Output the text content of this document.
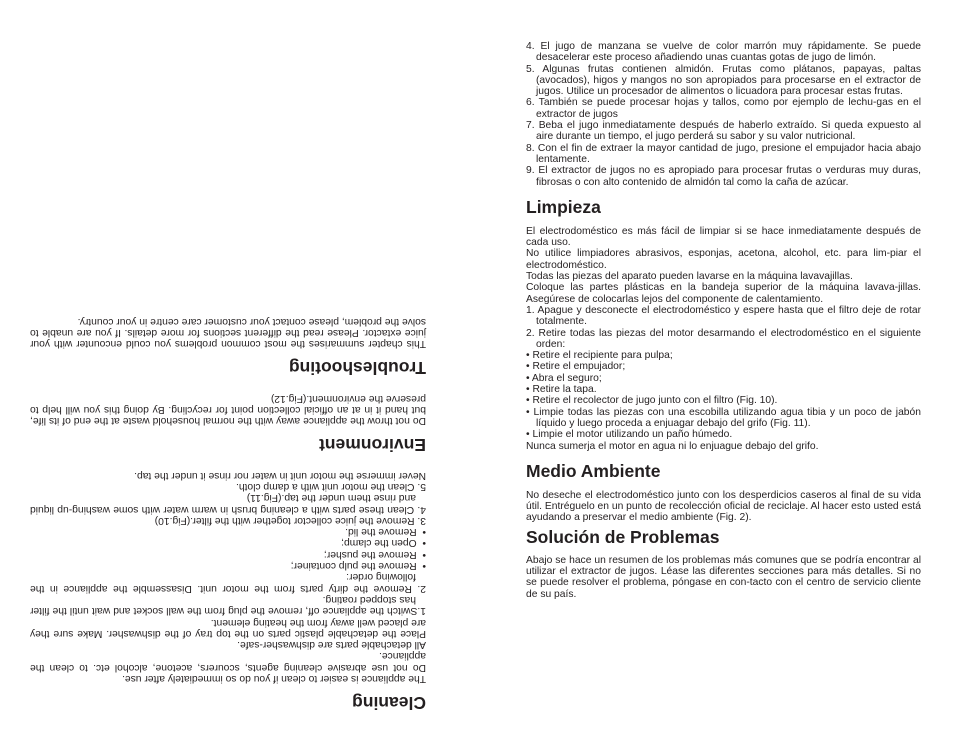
Cleaning

The appliance is easier to clean if you do so immediately after use.

Do not use abrasive cleaning agents, scourers, acetone, alcohol etc. to clean the appliance.

All detachable parts are dishwasher-safe.

Place the detachable plastic parts on the top tray of the dishwasher. Make sure they are placed well away from the heating element.

1.Switch the appliance off, remove the plug from the wall socket and wait until the filter has stopped roating.

2. Remove the dirty parts from the motor unit. Disassemble the appliance in the following order:

•  Remove the pulp container;

•  Remove the pusher;

•  Open the clamp;

•  Remove the lid.

3. Remove the juice collector together with the filter.(Fig.10)

4. Clean these parts with a cleaning brush in warm water with some washing-up liquid and rinse them under the tap.(Fig.11)

5. Clean the motor unit with a damp cloth.

Never immerse the motor unit in water nor rinse it under the tap.

Environment

Do not throw the appliance away with the normal household waste at the end of its life, but hand it in at an official collection point for recycling. By doing this you will help to preserve the environment.(Fig.12)

Troubleshooting

This chapter summarises the most common problems you could encounter with your juice extactor. Please read the different sections for more details. If you are unable to solve the problem, please contact your customer care centre in your country.

4. El jugo de manzana se vuelve de color marrón muy rápidamente. Se puede desacelerar este proceso añadiendo unas cuantas gotas de jugo de limón.

5. Algunas frutas contienen almidón. Frutas como plátanos, papayas, paltas (avocados), higos y mangos no son apropiados para procesarse en el extractor de jugos. Utilice un procesador de alimentos o licuadora para procesar estas frutas.

6. También se puede procesar hojas y tallos, como por ejemplo de lechu-gas en el extractor de jugos

7. Beba el jugo inmediatamente después de haberlo extraído. Si queda expuesto al aire durante un tiempo, el jugo perderá su sabor y su valor nutricional.

8. Con el fin de extraer la mayor cantidad de jugo, presione el empujador hacia abajo lentamente.

9. El extractor de jugos no es apropiado para procesar frutas o verduras muy duras, fibrosas o con alto contenido de almidón tal como la caña de azúcar.

Limpieza

El electrodoméstico es más fácil de limpiar si se hace inmediatamente después de cada uso.

No utilice limpiadores abrasivos, esponjas, acetona, alcohol, etc. para lim-piar el electrodoméstico.

Todas las piezas del aparato pueden lavarse en la máquina lavavajillas.

Coloque las partes plásticas en la bandeja superior de la máquina lavava-jillas. Asegúrese de colocarlas lejos del componente de calentamiento.

1. Apague y desconecte el electrodoméstico y espere hasta que el filtro deje de rotar totalmente.

2. Retire todas las piezas del motor desarmando el electrodoméstico en el siguiente orden:

• Retire el recipiente para pulpa;

• Retire el empujador;

• Abra el seguro;

• Retire la tapa.

• Retire el recolector de jugo junto con el filtro (Fig. 10).

• Limpie todas las piezas con una escobilla utilizando agua tibia y un poco de jabón líquido y luego proceda a enjuagar debajo del grifo (Fig. 11).

• Limpie el motor utilizando un paño húmedo.

Nunca sumerja el motor en agua ni lo enjuague debajo del grifo.

Medio Ambiente

No deseche el electrodoméstico junto con los desperdicios caseros al final de su vida útil. Entréguelo en un punto de recolección oficial de reciclaje. Al hacer esto usted está ayudando a preservar el medio ambiente (Fig. 2).

Solución de Problemas

Abajo se hace un resumen de los problemas más comunes que se podría encontrar al utilizar el extractor de jugos. Léase las diferentes secciones para más detalles. Si no se puede resolver el problema, póngase en con-tacto con el centro de servicio cliente de su país.
